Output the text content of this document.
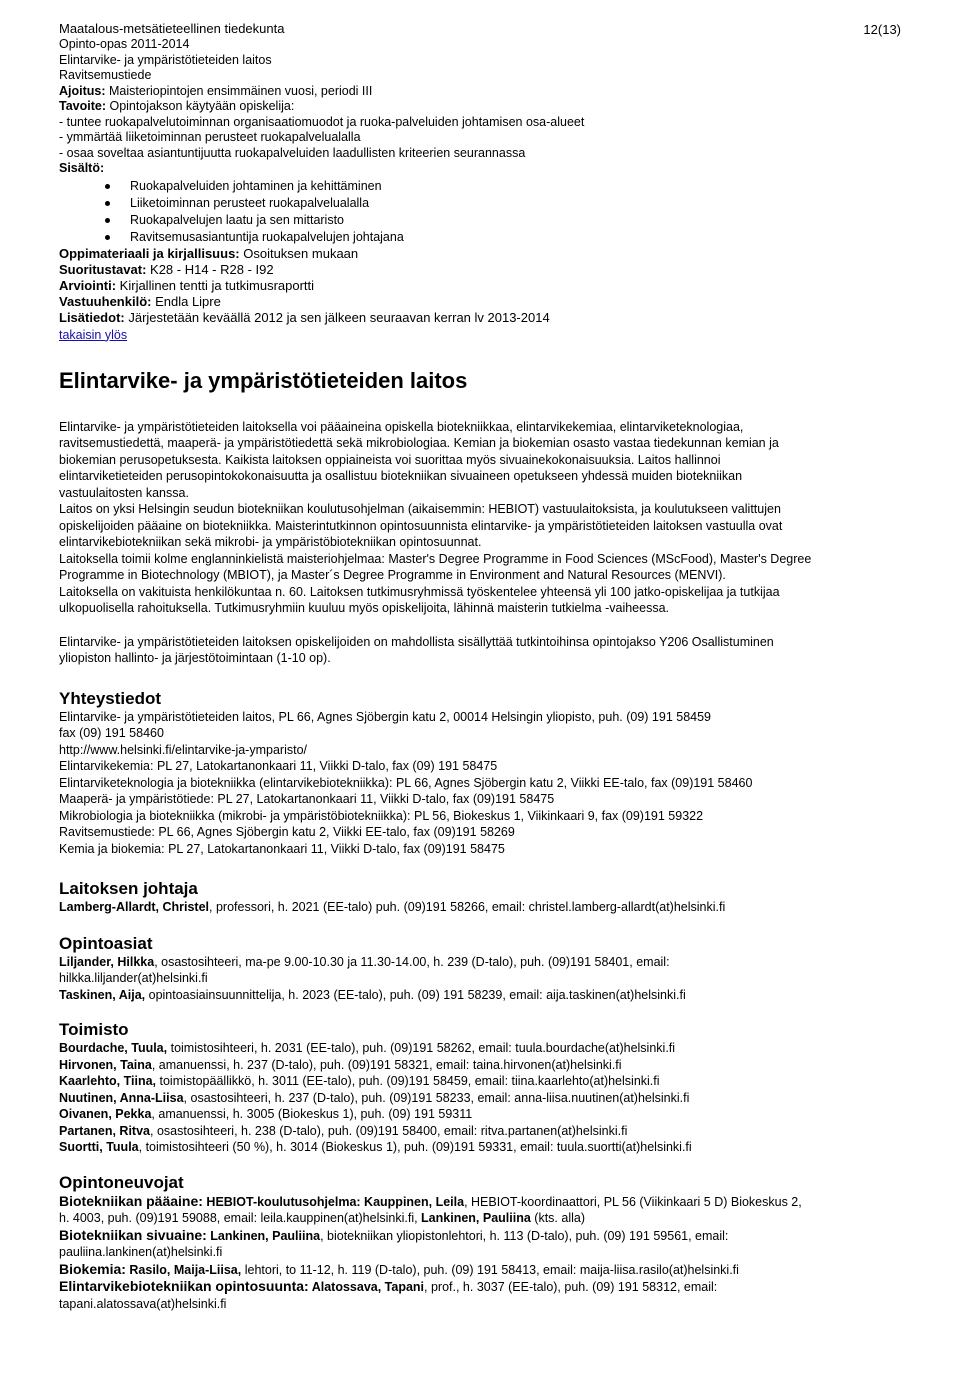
12(13)
Maatalous-metsätieteellinen tiedekunta
Opinto-opas 2011-2014
Elintarvike- ja ympäristötieteiden laitos
Ravitsemustiede
Ajoitus: Maisteriopintojen ensimmäinen vuosi, periodi III
Tavoite: Opintojakson käytyään opiskelija:
- tuntee ruokapalvelutoiminnan organisaatiomuodot ja ruoka-palveluiden johtamisen osa-alueet
- ymmärtää liiketoiminnan perusteet ruokapalvelualalla
- osaa soveltaa asiantuntijuutta ruokapalveluiden laadullisten kriteerien seurannassa
Sisältö:
Ruokapalveluiden johtaminen ja kehittäminen
Liiketoiminnan perusteet ruokapalvelualalla
Ruokapalvelujen laatu ja sen mittaristo
Ravitsemusasiantuntija ruokapalvelujen johtajana
Oppimateriaali ja kirjallisuus: Osoituksen mukaan
Suoritustavat: K28 - H14 - R28 - I92
Arviointi: Kirjallinen tentti ja tutkimusraportti
Vastuuhenkilö: Endla Lipre
Lisätiedot: Järjestetään keväällä 2012 ja sen jälkeen seuraavan kerran lv 2013-2014
takaisin ylös
Elintarvike- ja ympäristötieteiden laitos

Elintarvike- ja ympäristötieteiden laitoksella voi pääaineina opiskella biotekniikkaa, elintarvikekemiaa, elintarviketeknologiaa,

ravitsemustiedettä, maaperä- ja ympäristötiedettä sekä mikrobiologiaa. Kemian ja biokemian osasto vastaa tiedekunnan kemian ja

biokemian perusopetuksesta. Kaikista laitoksen oppiaineista voi suorittaa myös sivuainekokonaisuuksia. Laitos hallinnoi

elintarviketieteiden perusopintokokonaisuutta ja osallistuu biotekniikan sivuaineen opetukseen yhdessä muiden biotekniikan

vastuulaitosten kanssa.

Laitos on yksi Helsingin seudun biotekniikan koulutusohjelman (aikaisemmin: HEBIOT) vastuulaitoksista, ja koulutukseen valittujen

opiskelijoiden pääaine on biotekniikka. Maisterintutkinnon opintosuunnista elintarvike- ja ympäristötieteiden laitoksen vastuulla ovat

elintarvikebiotekniikan sekä mikrobi- ja ympäristöbiotekniikan opintosuunnat.

Laitoksella toimii kolme englanninkielistä maisteriohjelmaa: Master's Degree Programme in Food Sciences (MScFood), Master's Degree

Programme in Biotechnology (MBIOT), ja Master´s Degree Programme in Environment and Natural Resources (MENVI).

Laitoksella on vakituista henkilökuntaa n. 60. Laitoksen tutkimusryhmissä työskentelee yhteensä yli 100 jatko-opiskelijaa ja tutkijaa

ulkopuolisella rahoituksella. Tutkimusryhmiin kuuluu myös opiskelijoita, lähinnä maisterin tutkielma -vaiheessa.

Elintarvike- ja ympäristötieteiden laitoksen opiskelijoiden on mahdollista sisällyttää tutkintoihinsa opintojakso Y206 Osallistuminen

yliopiston hallinto- ja järjestötoimintaan (1-10 op).

Yhteystiedot

Elintarvike- ja ympäristötieteiden laitos, PL 66, Agnes Sjöbergin katu 2, 00014 Helsingin yliopisto, puh. (09) 191 58459

fax (09) 191 58460

http://www.helsinki.fi/elintarvike-ja-ymparisto/

Elintarvikekemia: PL 27, Latokartanonkaari 11, Viikki D-talo, fax (09) 191 58475

Elintarviketeknologia ja biotekniikka (elintarvikebiotekniikka): PL 66, Agnes Sjöbergin katu 2, Viikki EE-talo, fax (09)191 58460

Maaperä- ja ympäristötiede: PL 27, Latokartanonkaari 11, Viikki D-talo, fax (09)191 58475

Mikrobiologia ja biotekniikka (mikrobi- ja ympäristöbiotekniikka): PL 56, Biokeskus 1, Viikinkaari 9, fax (09)191 59322

Ravitsemustiede: PL 66, Agnes Sjöbergin katu 2, Viikki EE-talo, fax (09)191 58269

Kemia ja biokemia: PL 27, Latokartanonkaari 11, Viikki D-talo, fax (09)191 58475

Laitoksen johtaja

Lamberg-Allardt, Christel, professori, h. 2021 (EE-talo) puh. (09)191 58266, email: christel.lamberg-allardt(at)helsinki.fi

Opintoasiat

Liljander, Hilkka, osastosihteeri, ma-pe 9.00-10.30 ja 11.30-14.00, h. 239 (D-talo), puh. (09)191 58401, email:

hilkka.liljander(at)helsinki.fi

Taskinen, Aija, opintoasiainsuunnittelija, h. 2023 (EE-talo), puh. (09) 191 58239, email: aija.taskinen(at)helsinki.fi

Toimisto

Bourdache, Tuula, toimistosihteeri, h. 2031 (EE-talo), puh. (09)191 58262, email: tuula.bourdache(at)helsinki.fi

Hirvonen, Taina, amanuenssi, h. 237 (D-talo), puh. (09)191 58321, email: taina.hirvonen(at)helsinki.fi

Kaarlehto, Tiina, toimistopäällikkö, h. 3011 (EE-talo), puh. (09)191 58459, email: tiina.kaarlehto(at)helsinki.fi

Nuutinen, Anna-Liisa, osastosihteeri, h. 237 (D-talo), puh. (09)191 58233, email: anna-liisa.nuutinen(at)helsinki.fi

Oivanen, Pekka, amanuenssi, h. 3005 (Biokeskus 1), puh. (09) 191 59311

Partanen, Ritva, osastosihteeri, h. 238 (D-talo), puh. (09)191 58400, email: ritva.partanen(at)helsinki.fi

Suortti, Tuula, toimistosihteeri (50 %), h. 3014 (Biokeskus 1), puh. (09)191 59331, email: tuula.suortti(at)helsinki.fi

Opintoneuvojat

Biotekniikan pääaine: HEBIOT-koulutusohjelma: Kauppinen, Leila, HEBIOT-koordinaattori, PL 56 (Viikinkaari 5 D) Biokeskus 2,

h. 4003, puh. (09)191 59088, email: leila.kauppinen(at)helsinki.fi, Lankinen, Pauliina (kts. alla)

Biotekniikan sivuaine: Lankinen, Pauliina, biotekniikan yliopistonlehtori, h. 113 (D-talo), puh. (09) 191 59561, email:

pauliina.lankinen(at)helsinki.fi

Biokemia: Rasilo, Maija-Liisa, lehtori, to 11-12, h. 119 (D-talo), puh. (09) 191 58413, email: maija-liisa.rasilo(at)helsinki.fi

Elintarvikebiotekniikan opintosuunta: Alatossava, Tapani, prof., h. 3037 (EE-talo), puh. (09) 191 58312, email:

tapani.alatossava(at)helsinki.fi
